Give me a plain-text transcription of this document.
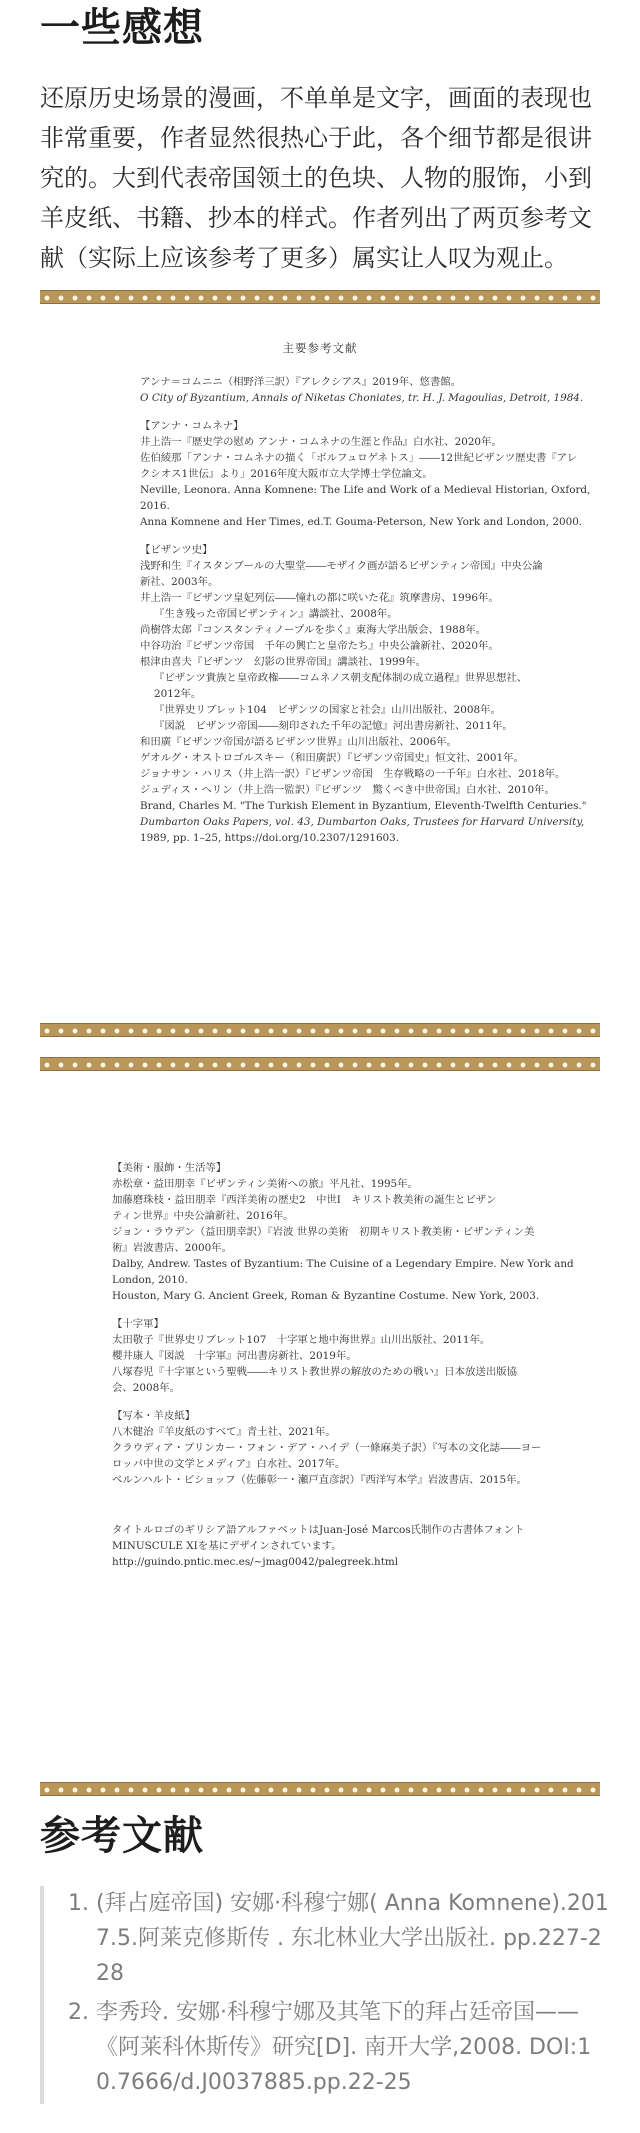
一些感想

还原历史场景的漫画，不单单是文字，画面的表现也非常重要，作者显然很热心于此，各个细节都是很讲究的。大到代表帝国领土的色块、人物的服饰，小到羊皮纸、书籍、抄本的样式。作者列出了两页参考文献（实际上应该参考了更多）属实让人叹为观止。

主要参考文献

アンナ＝コムニニ（相野洋三訳）『アレクシアス』2019年、悠書館。

O City of Byzantium, Annals of Niketas Choniates, tr. H. J. Magoulias, Detroit, 1984.

【アンナ・コムネナ】

井上浩一『歴史学の慰め アンナ・コムネナの生涯と作品』白水社、2020年。

佐伯綾那「アンナ・コムネナの描く「ボルフュロゲネトス」――12世紀ビザンツ歴史書『アレ

クシオス1世伝』より」2016年度大阪市立大学博士学位論文。

Neville, Leonora. Anna Komnene: The Life and Work of a Medieval Historian, Oxford,

2016.

Anna Komnene and Her Times, ed.T. Gouma-Peterson, New York and London, 2000.

【ビザンツ史】

浅野和生『イスタンブールの大聖堂――モザイク画が語るビザンティン帝国』中央公論

新社、2003年。

井上浩一『ビザンツ皇妃列伝――憧れの都に咲いた花』筑摩書房、1996年。

『生き残った帝国ビザンティン』講談社、2008年。

尚樹啓太郎『コンスタンティノープルを歩く』東海大学出版会、1988年。

中谷功治『ビザンツ帝国　千年の興亡と皇帝たち』中央公論新社、2020年。

根津由喜夫『ビザンツ　幻影の世界帝国』講談社、1999年。

『ビザンツ貴族と皇帝政権――コムネノス朝支配体制の成立過程』世界思想社、

2012年。

『世界史リブレット104　ビザンツの国家と社会』山川出版社、2008年。

『図説　ビザンツ帝国――刻印された千年の記憶』河出書房新社、2011年。

和田廣『ビザンツ帝国が語るビザンツ世界』山川出版社、2006年。

ゲオルグ・オストロゴルスキー（和田廣訳）『ビザンツ帝国史』恒文社、2001年。

ジョナサン・ハリス（井上浩一訳）『ビザンツ帝国　生存戦略の一千年』白水社、2018年。

ジュディス・ヘリン（井上浩一監訳）『ビザンツ　驚くべき中世帝国』白水社、2010年。

Brand, Charles M. "The Turkish Element in Byzantium, Eleventh-Twelfth Centuries."

Dumbarton Oaks Papers, vol. 43, Dumbarton Oaks, Trustees for Harvard University,

1989, pp. 1–25, https://doi.org/10.2307/1291603.

【美術・服飾・生活等】

赤松章・益田朋幸『ビザンティン美術への旅』平凡社、1995年。

加藤磨珠枝・益田朋幸『西洋美術の歴史2　中世Ⅰ　キリスト教美術の誕生とビザン

ティン世界』中央公論新社、2016年。

ジョン・ラウデン（益田朋幸訳）『岩波 世界の美術　初期キリスト教美術・ビザンティン美

術』岩波書店、2000年。

Dalby, Andrew. Tastes of Byzantium: The Cuisine of a Legendary Empire. New York and

London, 2010.

Houston, Mary G. Ancient Greek, Roman & Byzantine Costume. New York, 2003.

【十字軍】

太田敬子『世界史リブレット107　十字軍と地中海世界』山川出版社、2011年。

櫻井康人『図説　十字軍』河出書房新社、2019年。

八塚春児『十字軍という聖戦――キリスト教世界の解放のための戦い』日本放送出版協

会、2008年。

【写本・羊皮紙】

八木健治『羊皮紙のすべて』青土社、2021年。

クラウディア・ブリンカー・フォン・デア・ハイデ（一條麻美子訳）『写本の文化誌――ヨー

ロッパ中世の文学とメディア』白水社、2017年。

ベルンハルト・ビショッフ（佐藤彰一・瀬戸直彦訳）『西洋写本学』岩波書店、2015年。

タイトルロゴのギリシア語アルファベットはJuan-José Marcos氏制作の古書体フォント

MINUSCULE XIを基にデザインされています。

http://guindo.pntic.mec.es/~jmag0042/palegreek.html

参考文献
1. (拜占庭帝国) 安娜·科穆宁娜( Anna Komnene).2017.5.阿莱克修斯传 . 东北林业大学出版社. pp.227-228
2. 李秀玲. 安娜·科穆宁娜及其笔下的拜占廷帝国——《阿莱科休斯传》研究[D]. 南开大学,2008. DOI:10.7666/d.J0037885.pp.22-25
